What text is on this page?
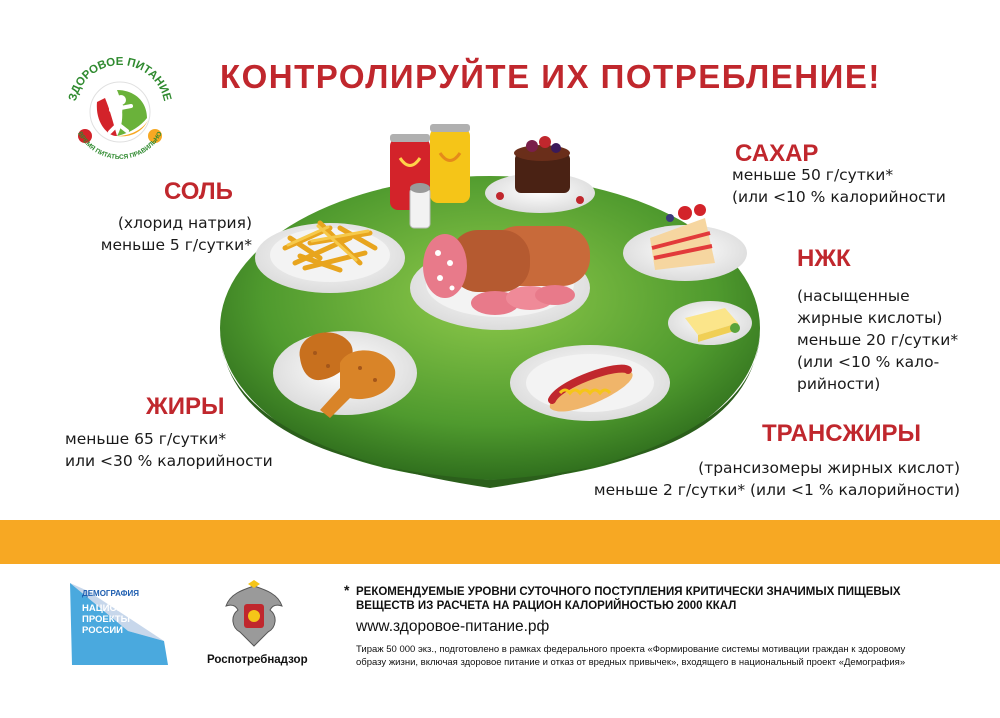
ЗДОРОВОЕ ПИТАНИЕ
ВРЕМЯ ПИТАТЬСЯ ПРАВИЛЬНО
КОНТРОЛИРУЙТЕ ИХ ПОТРЕБЛЕНИЕ!
СОЛЬ
(хлорид натрия)
меньше 5 г/сутки*
ЖИРЫ
меньше 65 г/сутки*
или <30 % калорийности
САХАР
меньше 50 г/сутки*
(или <10 % калорийности
НЖК
(насыщенные
жирные кислоты)
меньше 20 г/сутки*
(или <10 % кало-
рийности)
ТРАНСЖИРЫ
(трансизомеры жирных кислот)
меньше 2 г/сутки* (или <1 % калорийности)
ДЕМОГРАФИЯ
НАЦИОНАЛЬНЫЕ
ПРОЕКТЫ
РОССИИ
Роспотребнадзор
* РЕКОМЕНДУЕМЫЕ УРОВНИ СУТОЧНОГО ПОСТУПЛЕНИЯ КРИТИЧЕСКИ ЗНАЧИМЫХ ПИЩЕВЫХ ВЕЩЕСТВ ИЗ РАСЧЕТА НА РАЦИОН КАЛОРИЙНОСТЬЮ 2000 ККАЛ
www.здоровое-питание.рф
Тираж 50 000 экз., подготовлено в рамках федерального проекта «Формирование системы мотивации граждан к здоровому образу жизни, включая здоровое питание и отказ от вредных привычек», входящего в национальный проект «Демография»
